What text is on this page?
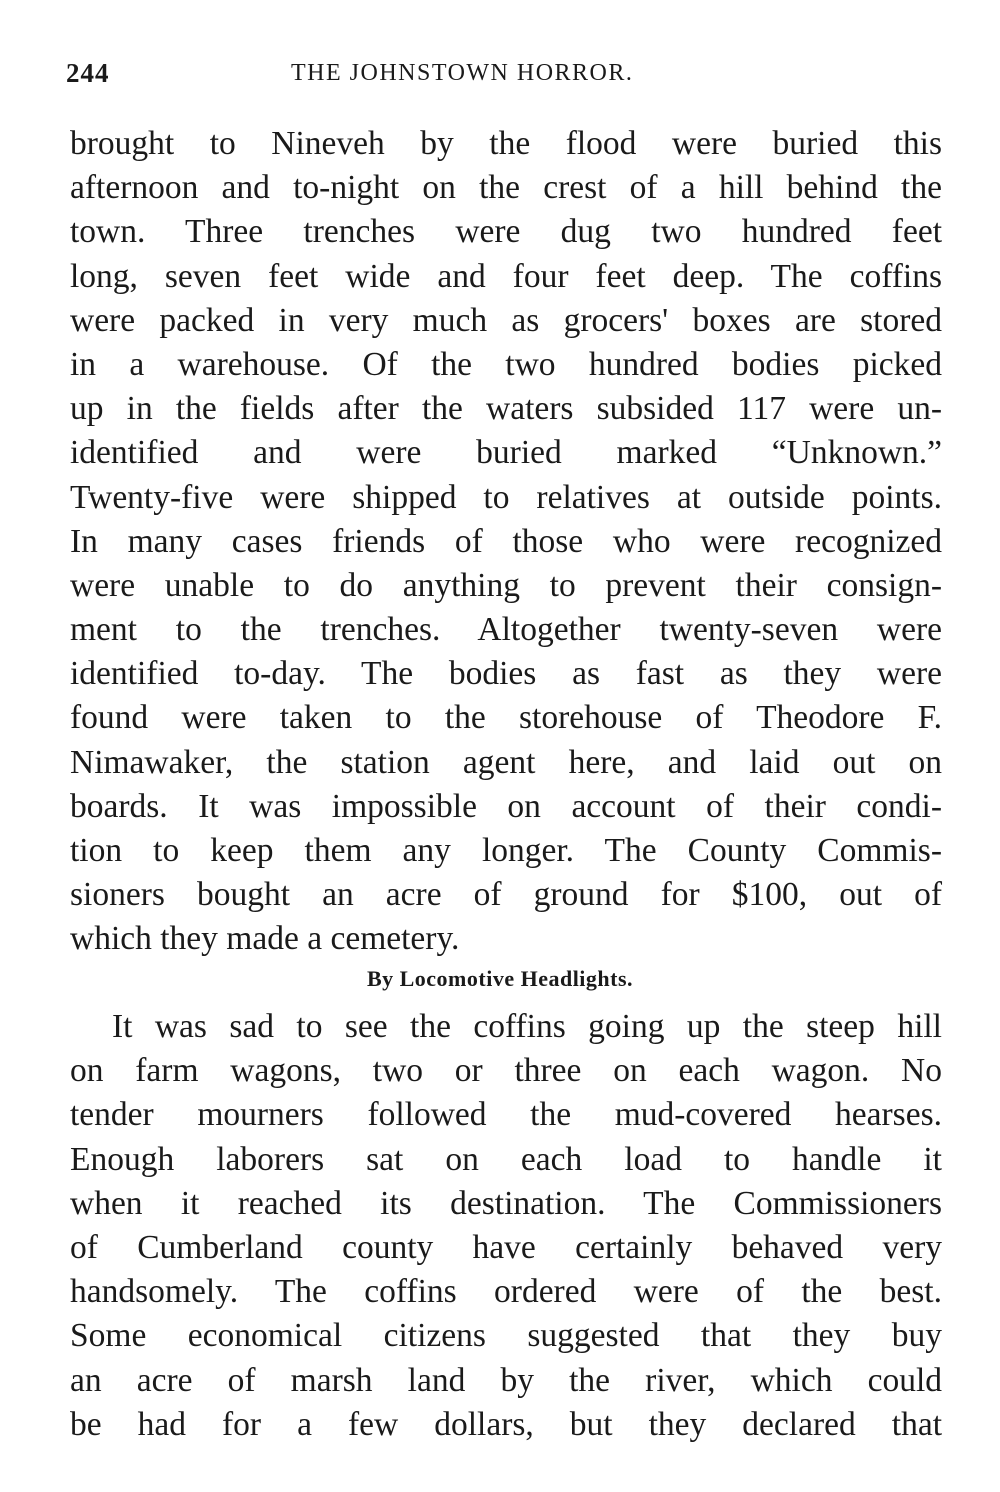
244	THE JOHNSTOWN HORROR.
brought to Nineveh by the flood were buried this
afternoon and to-night on the crest of a hill behind the
town. Three trenches were dug two hundred feet
long, seven feet wide and four feet deep. The coffins
were packed in very much as grocers' boxes are stored
in a warehouse. Of the two hundred bodies picked
up in the fields after the waters subsided 117 were un-
identified and were buried marked “Unknown.”
Twenty-five were shipped to relatives at outside points.
In many cases friends of those who were recognized
were unable to do anything to prevent their consign-
ment to the trenches. Altogether twenty-seven were
identified to-day. The bodies as fast as they were
found were taken to the storehouse of Theodore F.
Nimawaker, the station agent here, and laid out on
boards. It was impossible on account of their condi-
tion to keep them any longer. The County Commis-
sioners bought an acre of ground for $100, out of
which they made a cemetery.
By Locomotive Headlights.
It was sad to see the coffins going up the steep hill
on farm wagons, two or three on each wagon. No
tender mourners followed the mud-covered hearses.
Enough laborers sat on each load to handle it
when it reached its destination. The Commissioners
of Cumberland county have certainly behaved very
handsomely. The coffins ordered were of the best.
Some economical citizens suggested that they buy
an acre of marsh land by the river, which could
be had for a few dollars, but they declared that
